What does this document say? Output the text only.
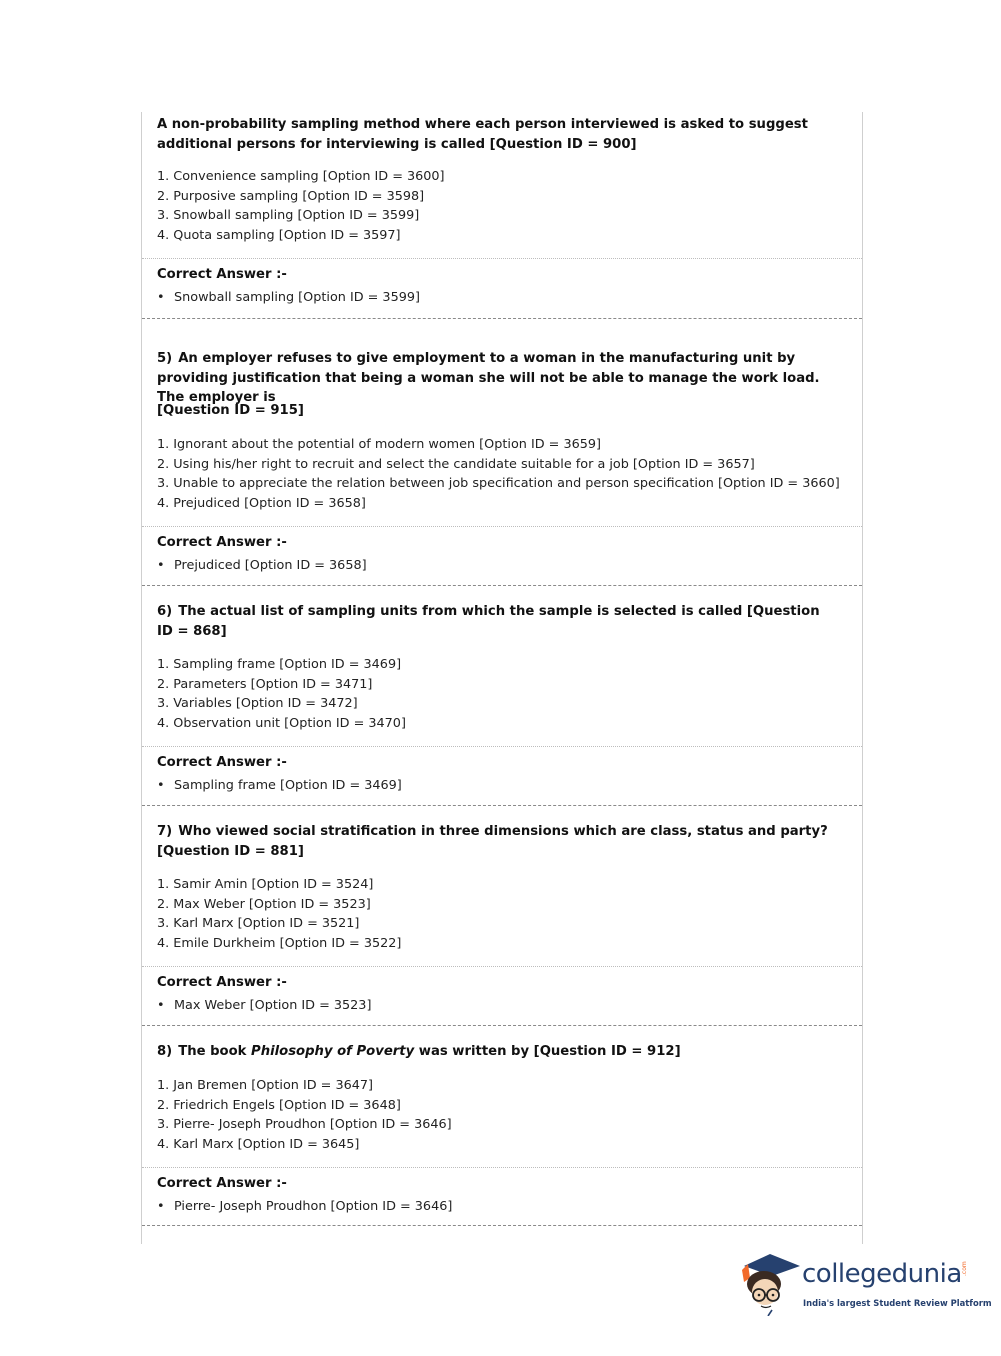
A non-probability sampling method where each person interviewed is asked to suggest additional persons for interviewing is called [Question ID = 900]
1. Convenience sampling [Option ID = 3600]
2. Purposive sampling [Option ID = 3598]
3. Snowball sampling [Option ID = 3599]
4. Quota sampling [Option ID = 3597]
Correct Answer :-
• Snowball sampling [Option ID = 3599]
5) An employer refuses to give employment to a woman in the manufacturing unit by providing justification that being a woman she will not be able to manage the work load. The employer is
[Question ID = 915]
1. Ignorant about the potential of modern women [Option ID = 3659]
2. Using his/her right to recruit and select the candidate suitable for a job [Option ID = 3657]
3. Unable to appreciate the relation between job specification and person specification [Option ID = 3660]
4. Prejudiced [Option ID = 3658]
Correct Answer :-
• Prejudiced [Option ID = 3658]
6) The actual list of sampling units from which the sample is selected is called [Question ID = 868]
1. Sampling frame [Option ID = 3469]
2. Parameters [Option ID = 3471]
3. Variables [Option ID = 3472]
4. Observation unit [Option ID = 3470]
Correct Answer :-
• Sampling frame [Option ID = 3469]
7) Who viewed social stratification in three dimensions which are class, status and party? [Question ID = 881]
1. Samir Amin [Option ID = 3524]
2. Max Weber [Option ID = 3523]
3. Karl Marx [Option ID = 3521]
4. Emile Durkheim [Option ID = 3522]
Correct Answer :-
• Max Weber [Option ID = 3523]
8) The book Philosophy of Poverty was written by [Question ID = 912]
1. Jan Bremen [Option ID = 3647]
2. Friedrich Engels [Option ID = 3648]
3. Pierre- Joseph Proudhon [Option ID = 3646]
4. Karl Marx [Option ID = 3645]
Correct Answer :-
• Pierre- Joseph Proudhon [Option ID = 3646]
collegedunia .com
India's largest Student Review Platform
